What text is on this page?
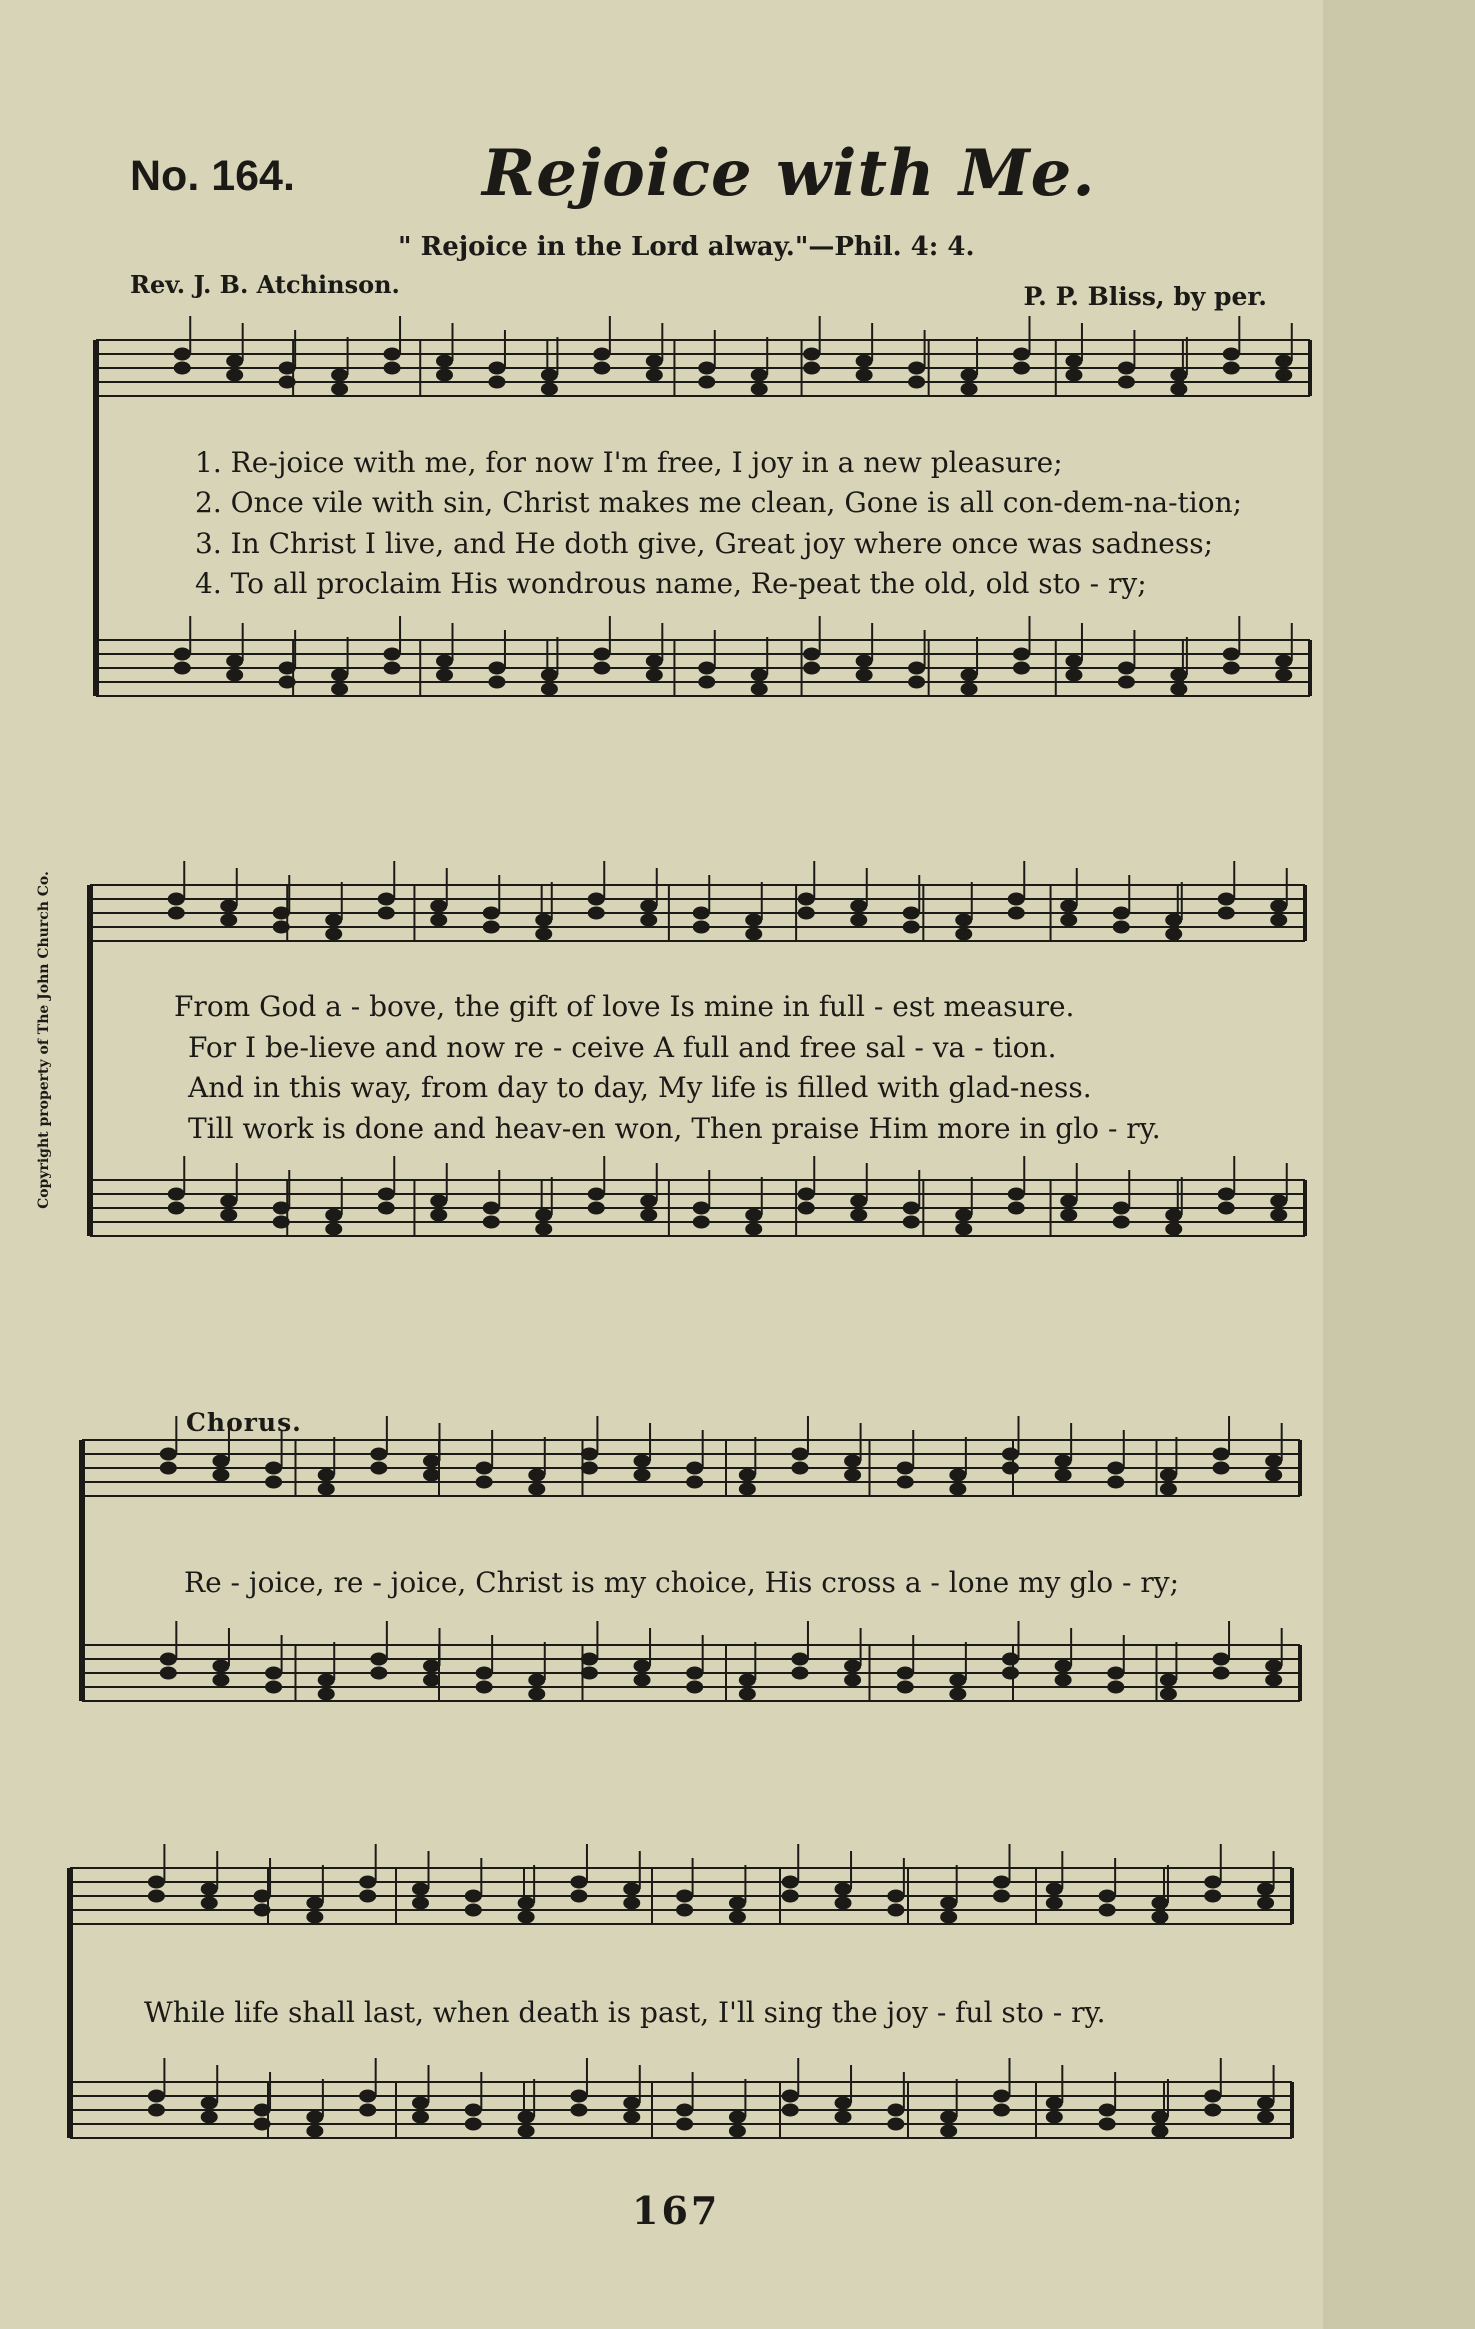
No. 164.	Rejoice with Me.
" Rejoice in the Lord alway."—Phil. 4: 4.
Rev. J. B. Atchinson.	P. P. Bliss, by per.
1. Re-joice with me, for now I'm free, I joy in a new pleasure;
2. Once vile with sin, Christ makes me clean, Gone is all con-dem-na-tion;
3. In Christ I live, and He doth give, Great joy where once was sadness;
4. To all proclaim His wondrous name, Re-peat the old, old sto - ry;
From God a - bove, the gift of love Is mine in full - est measure.
For I be-lieve and now re - ceive A full and free sal - va - tion.
And in this way, from day to day, My life is filled with glad-ness.
Till work is done and heav-en won, Then praise Him more in glo - ry.
Chorus.
Re - joice, re - joice, Christ is my choice, His cross a - lone my glo - ry;
While life shall last, when death is past, I'll sing the joy - ful sto - ry.
Copyright property of The John Church Co.
167
